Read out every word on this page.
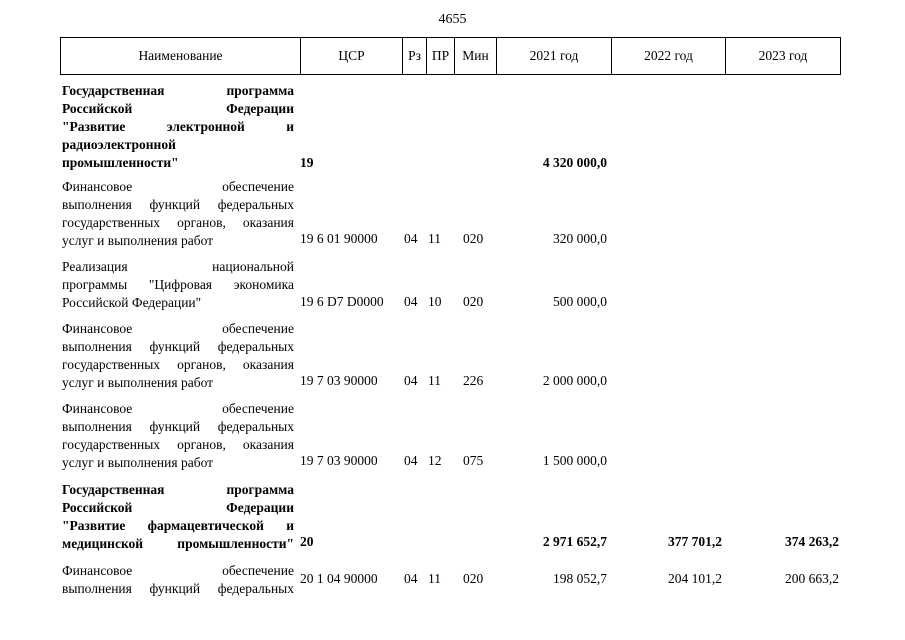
4655
Наименование	ЦСР	Рз ПР Мин	2021 год	2022 год	2023 год
Государственная программа
Российской Федерации
"Развитие электронной и
радиоэлектронной
промышленности"	19	4 320 000,0
Финансовое обеспечение
выполнения функций федеральных
государственных органов, оказания
услуг и выполнения работ	19 6 01 90000 04 11 020	320 000,0
Реализация национальной
программы "Цифровая экономика
Российской Федерации"	19 6 D7 D0000 04 10 020	500 000,0
Финансовое обеспечение
выполнения функций федеральных
государственных органов, оказания
услуг и выполнения работ	19 7 03 90000 04 11 226	2 000 000,0
Финансовое обеспечение
выполнения функций федеральных
государственных органов, оказания
услуг и выполнения работ	19 7 03 90000 04 12 075	1 500 000,0
Государственная программа
Российской Федерации
"Развитие фармацевтической и
медицинской промышленности" 20	2 971 652,7	377 701,2	374 263,2
Финансовое обеспечение
выполнения функций федеральных
20 1 04 90000 04 11 020	198 052,7	204 101,2	200 663,2
